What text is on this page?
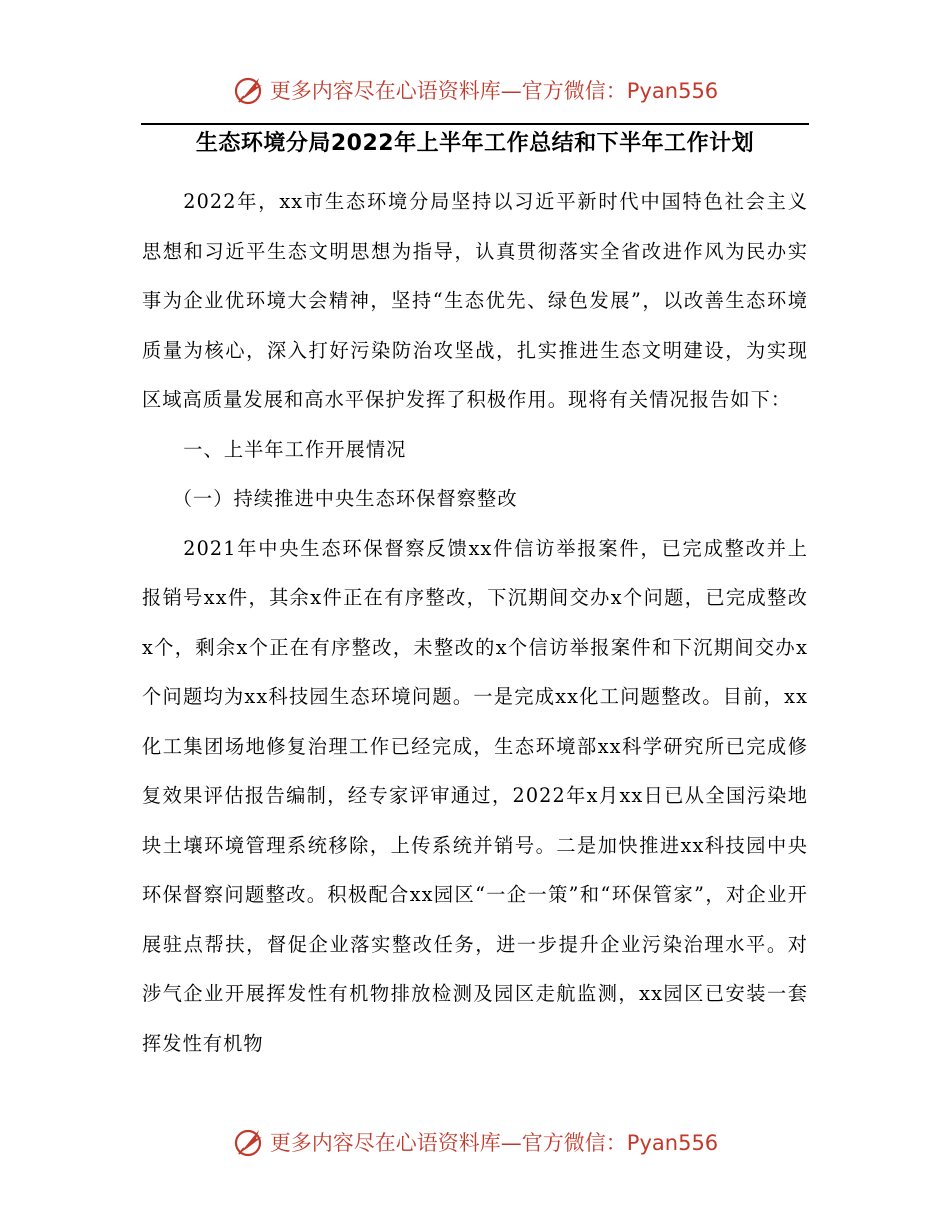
更多内容尽在心语资料库—官方微信：Pyan556
生态环境分局2022年上半年工作总结和下半年工作计划

2022年，xx市生态环境分局坚持以习近平新时代中国特色社会主义思想和习近平生态文明思想为指导，认真贯彻落实全省改进作风为民办实事为企业优环境大会精神，坚持“生态优先、绿色发展”，以改善生态环境质量为核心，深入打好污染防治攻坚战，扎实推进生态文明建设，为实现区域高质量发展和高水平保护发挥了积极作用。现将有关情况报告如下：

一、上半年工作开展情况

（一）持续推进中央生态环保督察整改

2021年中央生态环保督察反馈xx件信访举报案件，已完成整改并上报销号xx件，其余x件正在有序整改，下沉期间交办x个问题，已完成整改x个，剩余x个正在有序整改，未整改的x个信访举报案件和下沉期间交办x个问题均为xx科技园生态环境问题。一是完成xx化工问题整改。目前，xx化工集团场地修复治理工作已经完成，生态环境部xx科学研究所已完成修复效果评估报告编制，经专家评审通过，2022年x月xx日已从全国污染地块土壤环境管理系统移除，上传系统并销号。二是加快推进xx科技园中央环保督察问题整改。积极配合xx园区“一企一策”和“环保管家”，对企业开展驻点帮扶，督促企业落实整改任务，进一步提升企业污染治理水平。对涉气企业开展挥发性有机物排放检测及园区走航监测，xx园区已安装一套挥发性有机物

更多内容尽在心语资料库—官方微信：Pyan556
